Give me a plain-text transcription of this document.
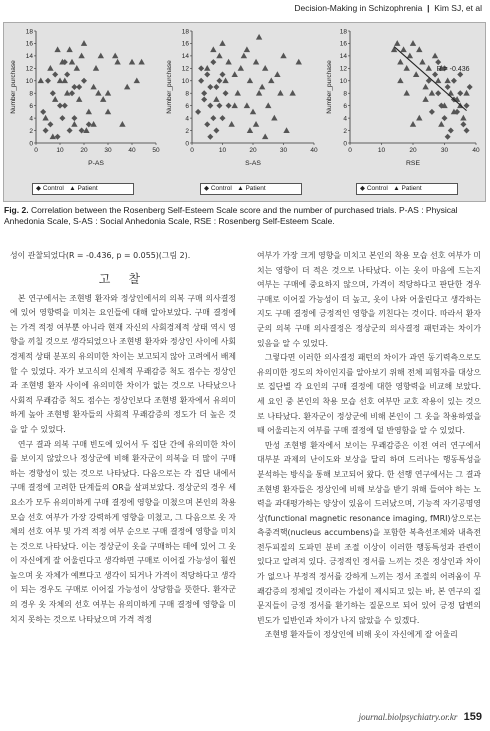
Decision-Making in Schizophrenia  |  Kim SJ, et al
0
2
4
6
8
10
12
14
16
18
0	10	20	30	40	50
P-AS
Number_purchase
0
2
4
6
8
10
12
14
16
18
0	10	20	30	40
S-AS
Number_purchase
0
2
4
6
8
10
12
14
16
18
0	10	20	30	40
RSE
Number_purchase	R = -0.436
◆ Control ▲ Patient	◆ Control ▲ Patient	◆ Control ▲ Patient
Fig. 2. Correlation between the Rosenberg Self-Esteem Scale score and the number of purchased trials. P-AS : Physical Anhedonia Scale, S-AS : Social Anhedonia Scale, RSE : Rosenberg Self-Esteem Scale.

성이 관찰되었다(R = -0.436, p = 0.055)(그림 2).

고 찰

본 연구에서는 조현병 환자와 정상인에서의 의복 구매 의사결정에 있어 영향력을 미치는 요인들에 대해 알아보았다. 구매 결정에는 가격 적정 여부뿐 아니라 현재 자신의 사회경제적 상태 역시 영향을 끼칠 것으로 생각되었으나 조현병 환자와 정상인 사이에 사회경제적 상태 분포의 유의미한 차이는 보고되지 않아 고려에서 배제할 수 있었다. 자가 보고식의 신체적 무쾌감증 척도 점수는 정상인과 조현병 환자 사이에 유의미한 차이가 없는 것으로 나타났으나 사회적 무쾌감증 척도 점수는 정상인보다 조현병 환자에서 유의미하게 높아 조현병 환자들의 사회적 무쾌감증의 정도가 더 높은 것을 알 수 있었다.

연구 결과 의복 구매 빈도에 있어서 두 집단 간에 유의미한 차이를 보이지 않았으나 정상군에 비해 환자군이 의복을 더 많이 구매하는 경향성이 있는 것으로 나타났다. 다음으로는 각 집단 내에서 구매 결정에 고려한 단계들의 OR을 살펴보았다. 정상군의 경우 세 요소가 모두 유의미하게 구매 결정에 영향을 미쳤으며 본인의 착용 모습 선호 여부가 가장 강력하게 영향을 미쳤고, 그 다음으로 옷 자체의 선호 여부 및 가격 적정 여부 순으로 구매 결정에 영향을 미치는 것으로 나타났다. 이는 정상군이 옷을 구매하는 데에 있어 그 옷이 자신에게 잘 어울린다고 생각하면 구매로 이어질 가능성이 훨씬 높으며 옷 자체가 예쁘다고 생각이 되거나 가격이 적당하다고 생각이 되는 경우도 구매로 이어질 가능성이 상당함을 뜻한다. 환자군의 경우 옷 자체의 선호 여부는 유의미하게 구매 결정에 영향을 미치지 못하는 것으로 나타났으며 가격 적정

여부가 가장 크게 영향을 미치고 본인의 착용 모습 선호 여부가 미치는 영향이 더 적은 것으로 나타났다. 이는 옷이 마음에 드는지 여부는 구매에 중요하지 않으며, 가격이 적당하다고 판단한 경우 구매로 이어질 가능성이 더 높고, 옷이 나와 어울린다고 생각하는지도 구매 결정에 긍정적인 영향을 끼친다는 것이다. 따라서 환자군의 의복 구매 의사결정은 정상군의 의사결정 패턴과는 차이가 있음을 알 수 있었다.

그렇다면 이러한 의사결정 패턴의 차이가 과연 동기력측으로도 유의미한 정도의 차이인지를 알아보기 위해 전체 피험자를 대상으로 집단별 각 요인의 구매 결정에 대한 영향력을 비교해 보았다. 세 요인 중 본인의 착용 모습 선호 여부만 교호 작용이 있는 것으로 나타났다. 환자군이 정상군에 비해 본인이 그 옷을 착용하였을 때 어울리는지 여부를 구매 결정에 덜 반영함을 알 수 있었다.

만성 조현병 환자에서 보이는 무쾌감증은 이전 여러 연구에서 대부분 과제의 난이도와 보상을 달리 하며 드러나는 행동특성을 분석하는 방식을 통해 보고되어 왔다. 한 선행 연구에서는 그 결과 조현병 환자들은 정상인에 비해 보상을 받기 위해 들여야 하는 노력을 과대평가하는 양상이 있음이 드러났으며, 기능적 자기공명영상(functional magnetic resonance imaging, fMRI)상으로는 측중격핵(nucleus accumbens)을 포함한 복측선조체와 내측전전두피질의 도파민 분비 조절 이상이 이러한 행동특성과 관련이 있다고 알려져 있다. 긍정적인 정서를 느끼는 것은 정상인과 차이가 없으나 부정적 정서를 강하게 느끼는 정서 조절의 어려움이 무쾌감증의 정체일 것이라는 가설이 제시되고 있는 바, 본 연구의 질문지들이 긍정 정서를 환기하는 질문으로 되어 있어 긍정 답변의 빈도가 일반인과 차이가 나지 않았을 수 있겠다.

조현병 환자들이 정상인에 비해 옷이 자신에게 잘 어울리

journal.biolpsychiatry.or.kr 159
